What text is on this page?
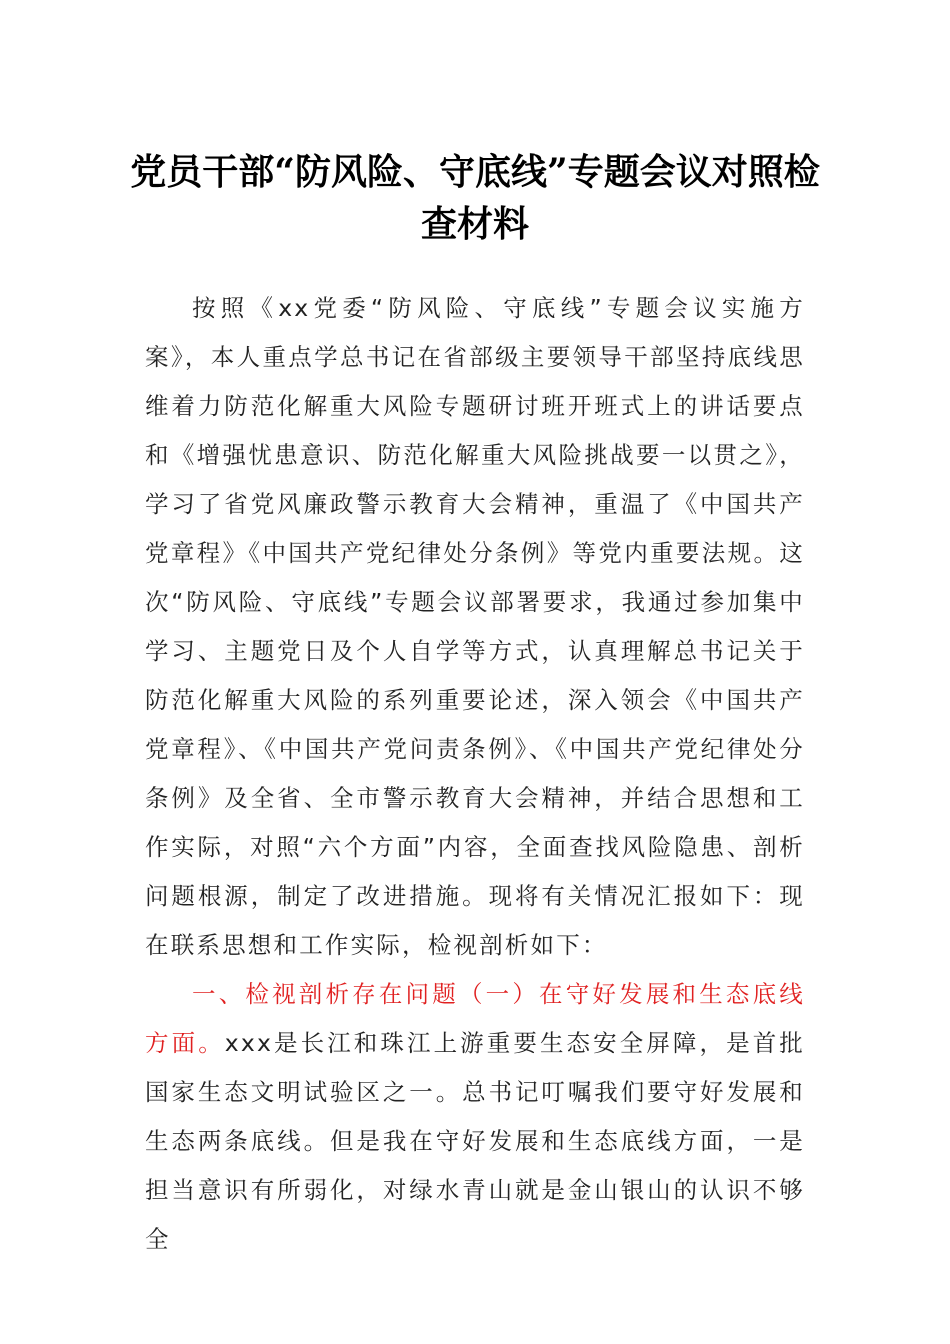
党员干部“防风险、守底线”专题会议对照检查材料

按照《xx党委“防风险、守底线”专题会议实施方案》，本人重点学总书记在省部级主要领导干部坚持底线思维着力防范化解重大风险专题研讨班开班式上的讲话要点和《增强忧患意识、防范化解重大风险挑战要一以贯之》，学习了省党风廉政警示教育大会精神，重温了《中国共产党章程》《中国共产党纪律处分条例》等党内重要法规。这次“防风险、守底线”专题会议部署要求，我通过参加集中学习、主题党日及个人自学等方式，认真理解总书记关于防范化解重大风险的系列重要论述，深入领会《中国共产党章程》、《中国共产党问责条例》、《中国共产党纪律处分条例》及全省、全市警示教育大会精神，并结合思想和工作实际，对照“六个方面”内容，全面查找风险隐患、剖析问题根源，制定了改进措施。现将有关情况汇报如下：现在联系思想和工作实际，检视剖析如下：

一、检视剖析存在问题（一）在守好发展和生态底线方面。xxx是长江和珠江上游重要生态安全屏障，是首批国家生态文明试验区之一。总书记叮嘱我们要守好发展和生态两条底线。但是我在守好发展和生态底线方面，一是担当意识有所弱化，对绿水青山就是金山银山的认识不够全
